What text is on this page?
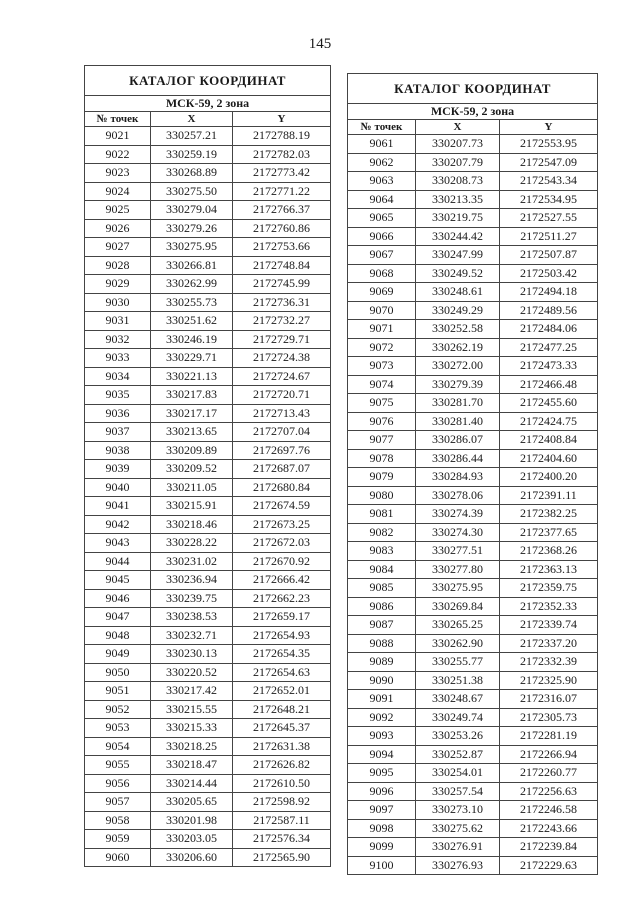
145
КАТАЛОГ КООРДИНАТ		
МСК-59, 2 зона		
№ точек	X	Y
9021	330257.21	2172788.19
9022	330259.19	2172782.03
9023	330268.89	2172773.42
9024	330275.50	2172771.22
9025	330279.04	2172766.37
9026	330279.26	2172760.86
9027	330275.95	2172753.66
9028	330266.81	2172748.84
9029	330262.99	2172745.99
9030	330255.73	2172736.31
9031	330251.62	2172732.27
9032	330246.19	2172729.71
9033	330229.71	2172724.38
9034	330221.13	2172724.67
9035	330217.83	2172720.71
9036	330217.17	2172713.43
9037	330213.65	2172707.04
9038	330209.89	2172697.76
9039	330209.52	2172687.07
9040	330211.05	2172680.84
9041	330215.91	2172674.59
9042	330218.46	2172673.25
9043	330228.22	2172672.03
9044	330231.02	2172670.92
9045	330236.94	2172666.42
9046	330239.75	2172662.23
9047	330238.53	2172659.17
9048	330232.71	2172654.93
9049	330230.13	2172654.35
9050	330220.52	2172654.63
9051	330217.42	2172652.01
9052	330215.55	2172648.21
9053	330215.33	2172645.37
9054	330218.25	2172631.38
9055	330218.47	2172626.82
9056	330214.44	2172610.50
9057	330205.65	2172598.92
9058	330201.98	2172587.11
9059	330203.05	2172576.34
9060	330206.60	2172565.90
КАТАЛОГ КООРДИНАТ		
МСК-59, 2 зона		
№ точек	X	Y
9061	330207.73	2172553.95
9062	330207.79	2172547.09
9063	330208.73	2172543.34
9064	330213.35	2172534.95
9065	330219.75	2172527.55
9066	330244.42	2172511.27
9067	330247.99	2172507.87
9068	330249.52	2172503.42
9069	330248.61	2172494.18
9070	330249.29	2172489.56
9071	330252.58	2172484.06
9072	330262.19	2172477.25
9073	330272.00	2172473.33
9074	330279.39	2172466.48
9075	330281.70	2172455.60
9076	330281.40	2172424.75
9077	330286.07	2172408.84
9078	330286.44	2172404.60
9079	330284.93	2172400.20
9080	330278.06	2172391.11
9081	330274.39	2172382.25
9082	330274.30	2172377.65
9083	330277.51	2172368.26
9084	330277.80	2172363.13
9085	330275.95	2172359.75
9086	330269.84	2172352.33
9087	330265.25	2172339.74
9088	330262.90	2172337.20
9089	330255.77	2172332.39
9090	330251.38	2172325.90
9091	330248.67	2172316.07
9092	330249.74	2172305.73
9093	330253.26	2172281.19
9094	330252.87	2172266.94
9095	330254.01	2172260.77
9096	330257.54	2172256.63
9097	330273.10	2172246.58
9098	330275.62	2172243.66
9099	330276.91	2172239.84
9100	330276.93	2172229.63
